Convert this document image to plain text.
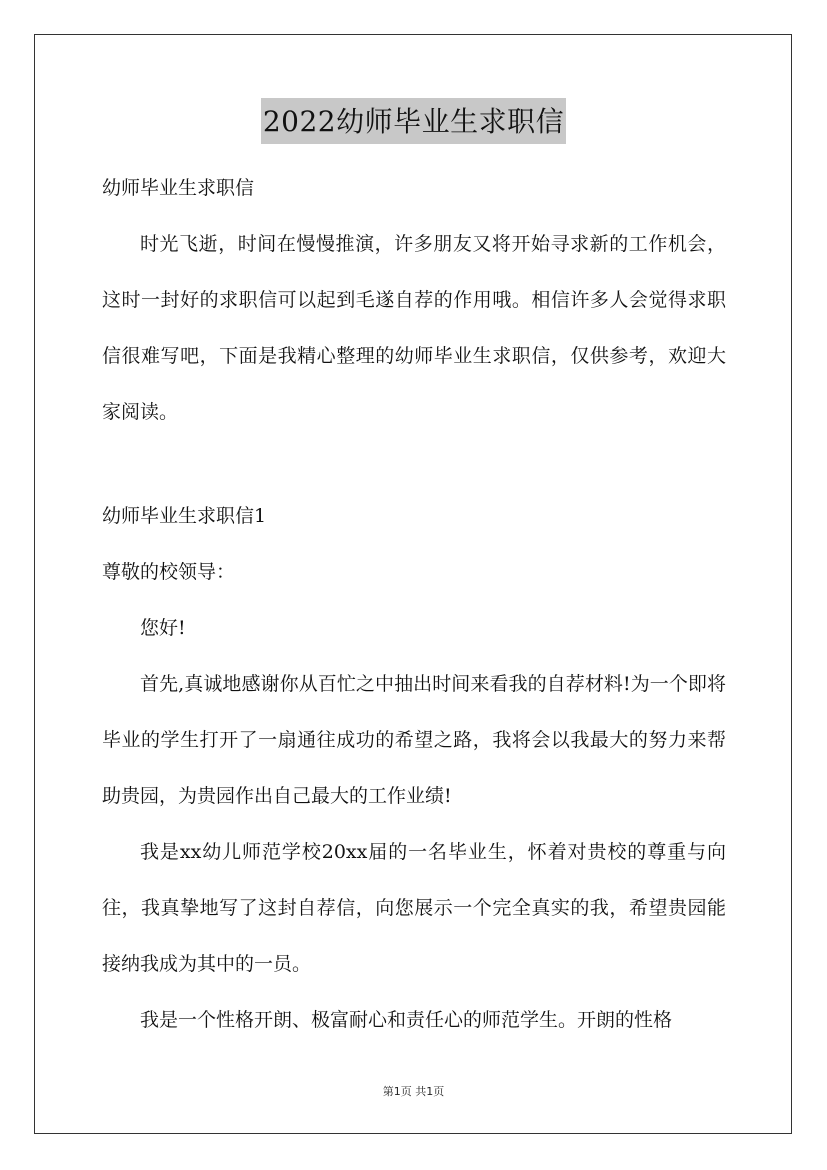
2022幼师毕业生求职信

幼师毕业生求职信

时光飞逝，时间在慢慢推演，许多朋友又将开始寻求新的工作机会，这时一封好的求职信可以起到毛遂自荐的作用哦。相信许多人会觉得求职信很难写吧，下面是我精心整理的幼师毕业生求职信，仅供参考，欢迎大家阅读。

幼师毕业生求职信1

尊敬的校领导：

您好!

首先,真诚地感谢你从百忙之中抽出时间来看我的自荐材料!为一个即将毕业的学生打开了一扇通往成功的希望之路，我将会以我最大的努力来帮助贵园，为贵园作出自己最大的工作业绩!

我是xx幼儿师范学校20xx届的一名毕业生，怀着对贵校的尊重与向往，我真挚地写了这封自荐信，向您展示一个完全真实的我，希望贵园能接纳我成为其中的一员。

我是一个性格开朗、极富耐心和责任心的师范学生。开朗的性格

第1页 共1页
